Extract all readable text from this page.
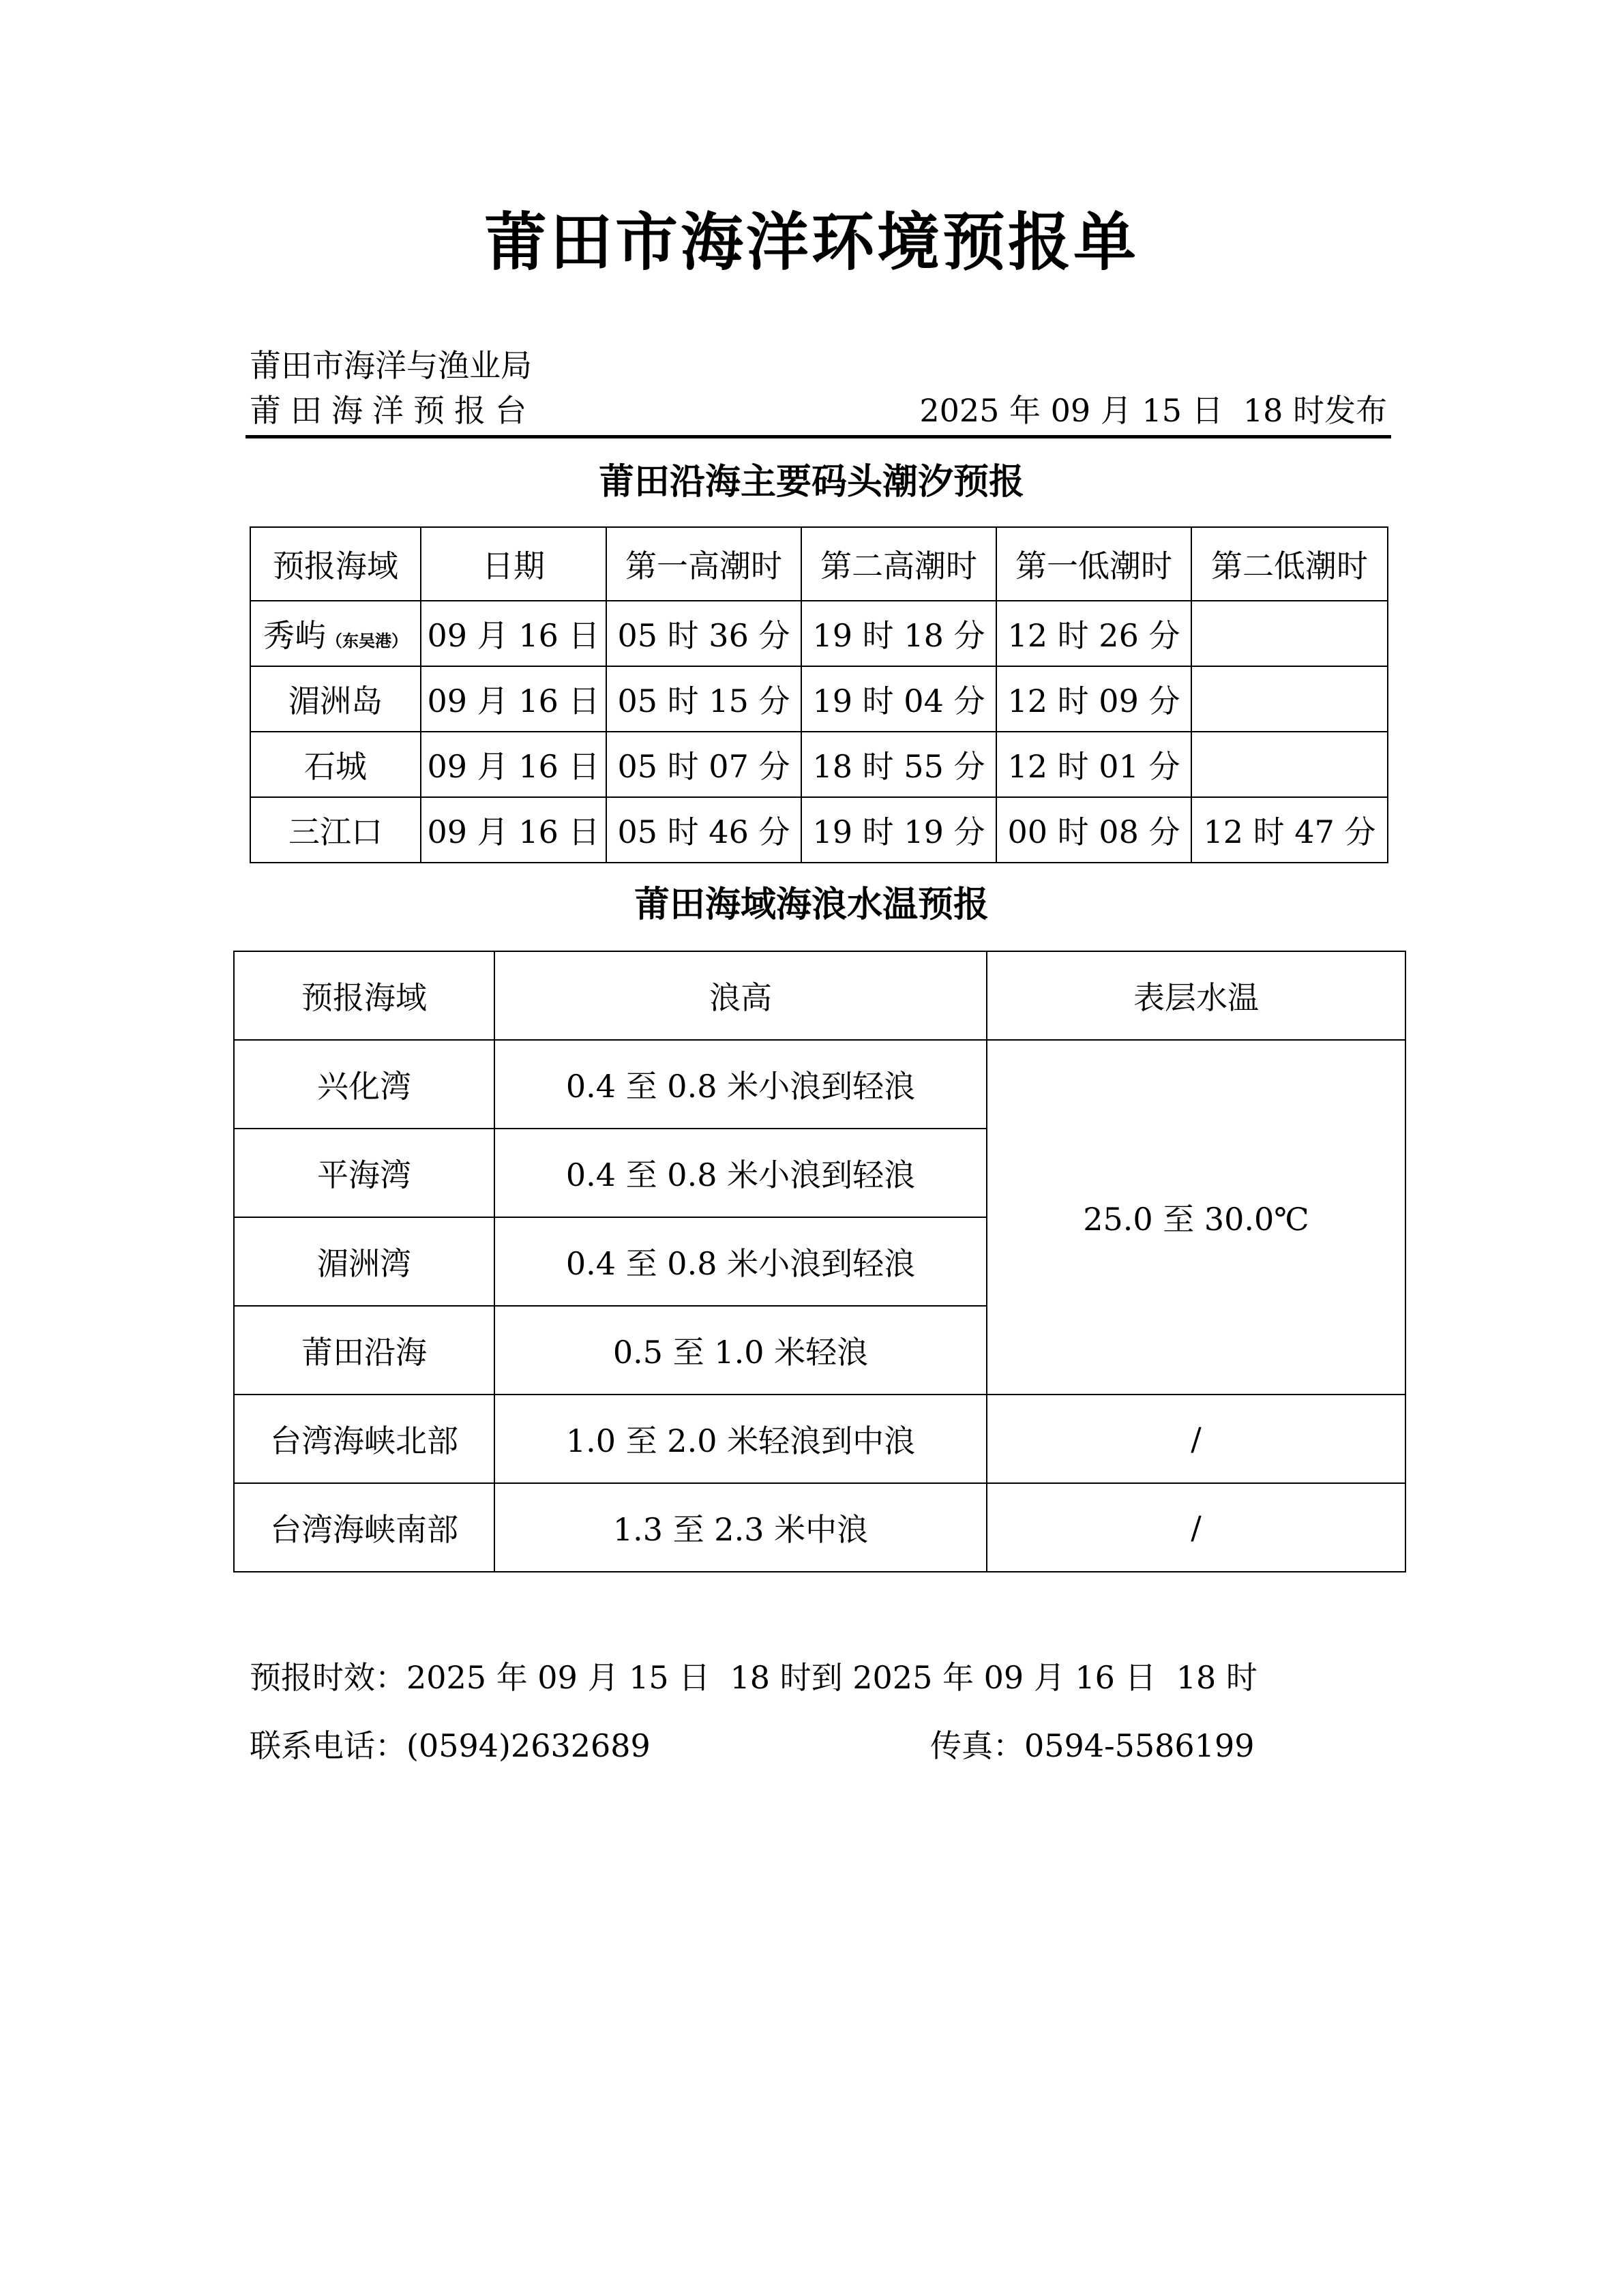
莆田市海洋环境预报单
莆田市海洋与渔业局
莆田海洋预报台	2025 年 09 月 15 日  18 时发布
莆田沿海主要码头潮汐预报
预报海域	日期	第一高潮时	第二高潮时	第一低潮时	第二低潮时
秀屿（东吴港）	09 月 16 日	05 时 36 分	19 时 18 分	12 时 26 分	
湄洲岛	09 月 16 日	05 时 15 分	19 时 04 分	12 时 09 分	
石城	09 月 16 日	05 时 07 分	18 时 55 分	12 时 01 分	
三江口	09 月 16 日	05 时 46 分	19 时 19 分	00 时 08 分	12 时 47 分
莆田海域海浪水温预报
预报海域	浪高	表层水温
兴化湾	0.4 至 0.8 米小浪到轻浪	25.0 至 30.0℃
平海湾	0.4 至 0.8 米小浪到轻浪	
湄洲湾	0.4 至 0.8 米小浪到轻浪	
莆田沿海	0.5 至 1.0 米轻浪	
台湾海峡北部	1.0 至 2.0 米轻浪到中浪	/
台湾海峡南部	1.3 至 2.3 米中浪	/
预报时效：2025 年 09 月 15 日  18 时到 2025 年 09 月 16 日  18 时
联系电话：(0594)2632689	传真：0594-5586199
